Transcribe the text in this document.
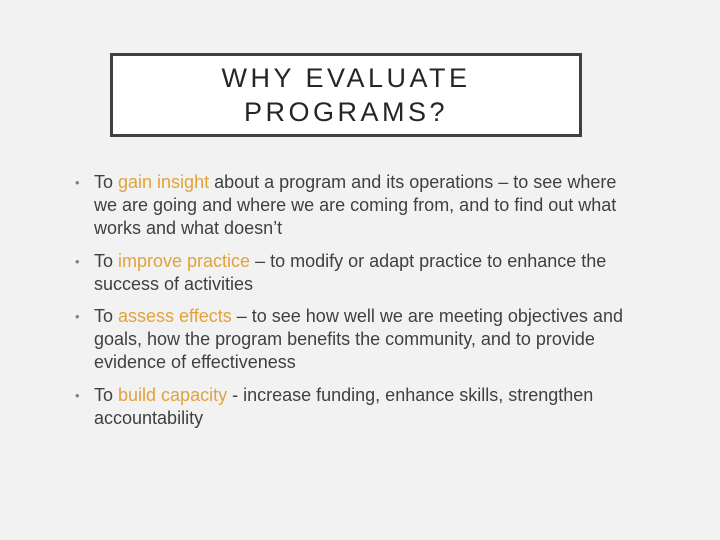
WHY EVALUATE
PROGRAMS?
• To gain insight about a program and its operations – to see where we are going and where we are coming from, and to find out what works and what doesn’t
• To improve practice – to modify or adapt practice to enhance the success of activities
• To assess effects – to see how well we are meeting objectives and goals, how the program benefits the community, and to provide evidence of effectiveness
• To build capacity - increase funding, enhance skills, strengthen accountability
